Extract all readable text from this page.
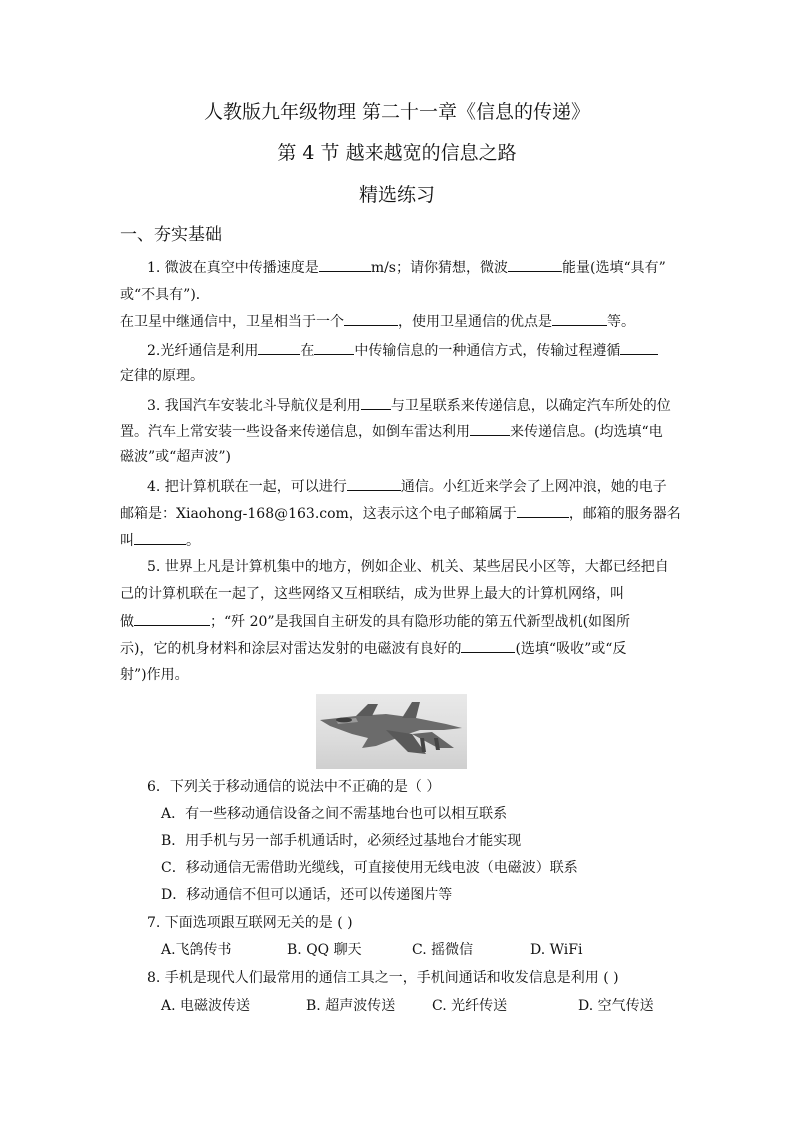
人教版九年级物理 第二十一章《信息的传递》
第 4 节 越来越宽的信息之路
精选练习
一、夯实基础
1. 微波在真空中传播速度是	m/s；请你猜想，微波	能量(选填“具有”
或“不具有”)．
在卫星中继通信中，卫星相当于一个	，使用卫星通信的优点是	等。
2.光纤通信是利用	在	中传输信息的一种通信方式，传输过程遵循
定律的原理。
3. 我国汽车安装北斗导航仪是利用 与卫星联系来传递信息，以确定汽车所处的位
置。汽车上常安装一些设备来传递信息，如倒车雷达利用	来传递信息。(均选填“电
磁波”或“超声波”)
4. 把计算机联在一起，可以进行	通信。小红近来学会了上网冲浪，她的电子
邮箱是：Xiaohong-168@163.com，这表示这个电子邮箱属于	，邮箱的服务器名
叫	。
5. 世界上凡是计算机集中的地方，例如企业、机关、某些居民小区等，大都已经把自
己的计算机联在一起了，这些网络又互相联结，成为世界上最大的计算机网络，叫
做	；“歼 20”是我国自主研发的具有隐形功能的第五代新型战机(如图所
示)，它的机身材料和涂层对雷达发射的电磁波有良好的	(选填“吸收”或“反
射”)作用。
6．下列关于移动通信的说法中不正确的是（ ）
A．有一些移动通信设备之间不需基地台也可以相互联系
B．用手机与另一部手机通话时，必须经过基地台才能实现
C．移动通信无需借助光缆线，可直接使用无线电波（电磁波）联系
D．移动通信不但可以通话，还可以传递图片等
7. 下面选项跟互联网无关的是 ( )
A.飞鸽传书	B. QQ 聊天	C. 摇微信	D. WiFi
8. 手机是现代人们最常用的通信工具之一，手机间通话和收发信息是利用 ( )
A. 电磁波传送	B. 超声波传送	C. 光纤传送	D. 空气传送
